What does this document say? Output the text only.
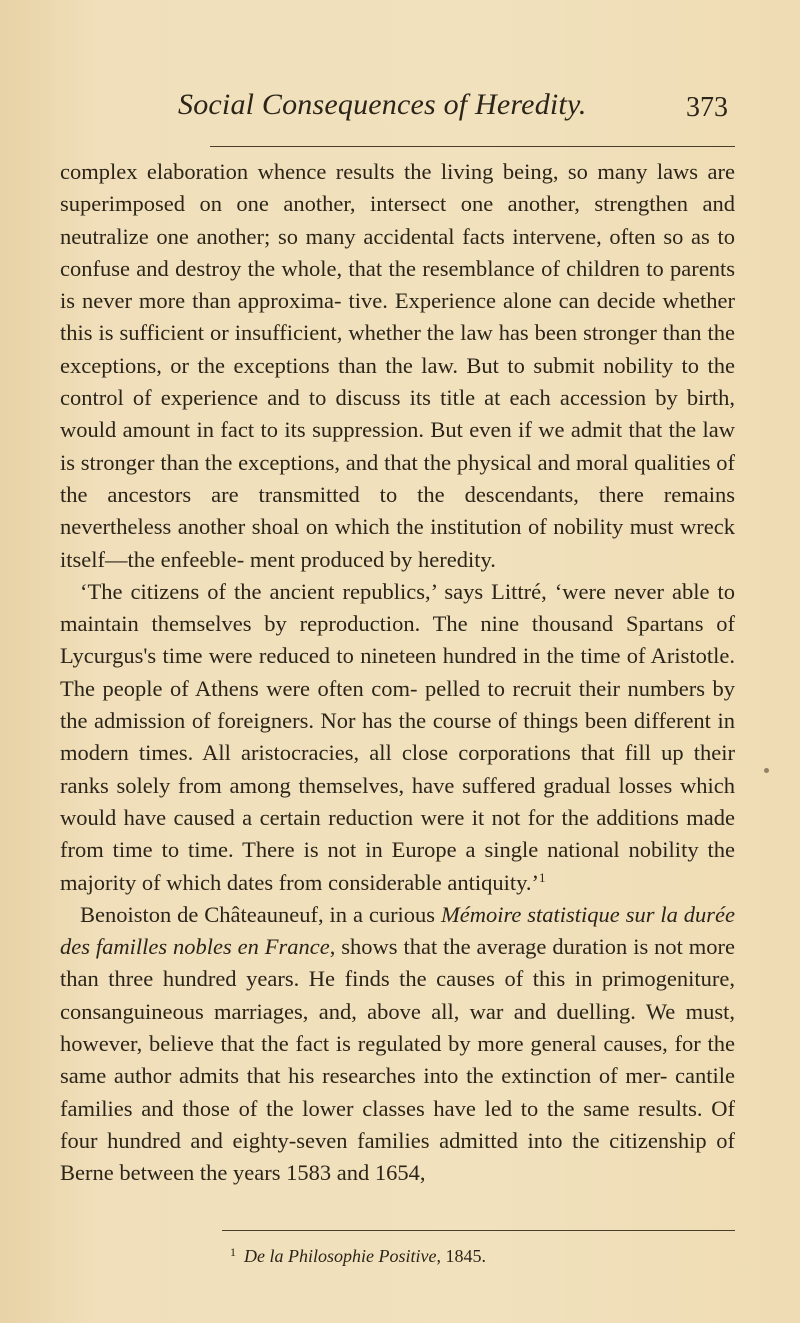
Social Consequences of Heredity.	373

complex elaboration whence results the living being, so many laws are superimposed on one another, intersect one another, strengthen and neutralize one another; so many accidental facts intervene, often so as to confuse and destroy the whole, that the resemblance of children to parents is never more than approxima- tive. Experience alone can decide whether this is sufficient or insufficient, whether the law has been stronger than the exceptions, or the exceptions than the law. But to submit nobility to the control of experience and to discuss its title at each accession by birth, would amount in fact to its suppression. But even if we admit that the law is stronger than the exceptions, and that the physical and moral qualities of the ancestors are transmitted to the descendants, there remains nevertheless another shoal on which the institution of nobility must wreck itself—the enfeeble- ment produced by heredity.

‘The citizens of the ancient republics,’ says Littré, ‘were never able to maintain themselves by reproduction. The nine thousand Spartans of Lycurgus's time were reduced to nineteen hundred in the time of Aristotle. The people of Athens were often com- pelled to recruit their numbers by the admission of foreigners. Nor has the course of things been different in modern times. All aristocracies, all close corporations that fill up their ranks solely from among themselves, have suffered gradual losses which would have caused a certain reduction were it not for the additions made from time to time. There is not in Europe a single national nobility the majority of which dates from considerable antiquity.’$^1$

Benoiston de Châteauneuf, in a curious Mémoire statistique sur la durée des familles nobles en France, shows that the average duration is not more than three hundred years. He finds the causes of this in primogeniture, consanguineous marriages, and, above all, war and duelling. We must, however, believe that the fact is regulated by more general causes, for the same author admits that his researches into the extinction of mer- cantile families and those of the lower classes have led to the same results. Of four hundred and eighty-seven families admitted into the citizenship of Berne between the years 1583 and 1654,

$^1$ De la Philosophie Positive, 1845.
